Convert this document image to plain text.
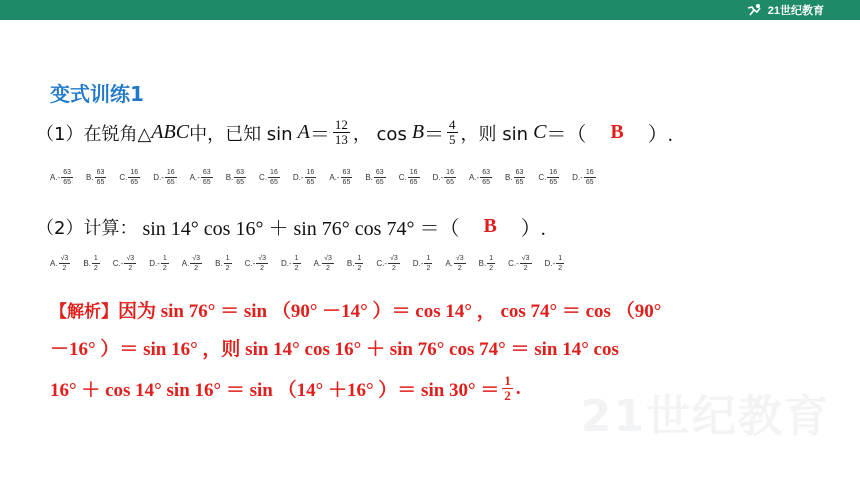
21世纪教育
变式训练1
（1）在锐角△ ABC 中，已知 sin
$A = \frac{12}{13}$ ， cos
$B = \frac{4}{5}$ ，则 sin
C ＝（ B ）.
$A.- \frac{63}{65} B$. $\frac{63}{65} C$. $\frac{16}{65} D.- \frac{16}{65} A.- \frac{63}{65} B$. $\frac{63}{65} C$. $\frac{16}{65} D.- \frac{16}{65} A.- \frac{63}{65} B$. $\frac{63}{65} C$. $\frac{16}{65} D.- \frac{16}{65} A.- \frac{63}{65} B$. $\frac{63}{65} C$. $\frac{16}{65} D.- \frac{16}{65}$
（2）计算：
sin 14° cos 16° ＋ sin 76° cos 74° ＝（ B ）.
A. $\frac{√3}{2} B$. $\frac{1}{2} C.- \frac{√3}{2} D.- \frac{1}{2} A$. $\frac{√3}{2} B$. $\frac{1}{2} C.- \frac{√3}{2} D.- \frac{1}{2} A$. $\frac{√3}{2} B$. $\frac{1}{2} C.- \frac{√3}{2} D.- \frac{1}{2} A$. $\frac{√3}{2} B$. $\frac{1}{2} C.- \frac{√3}{2} D.- \frac{1}{2}$
【解析】因为 sin 76° ＝ sin （90° －14° ）＝ cos 14° ， cos 74° ＝ cos （90°
－16° ）＝ sin 16° ，则 sin 14° cos 16° ＋ sin 76° cos 74° ＝ sin 14° cos
16° ＋ cos 14° sin 16° ＝ sin （14° ＋16° ）＝ $\sin 30^\circ = \frac{1}{2}$ .
21世纪教育
